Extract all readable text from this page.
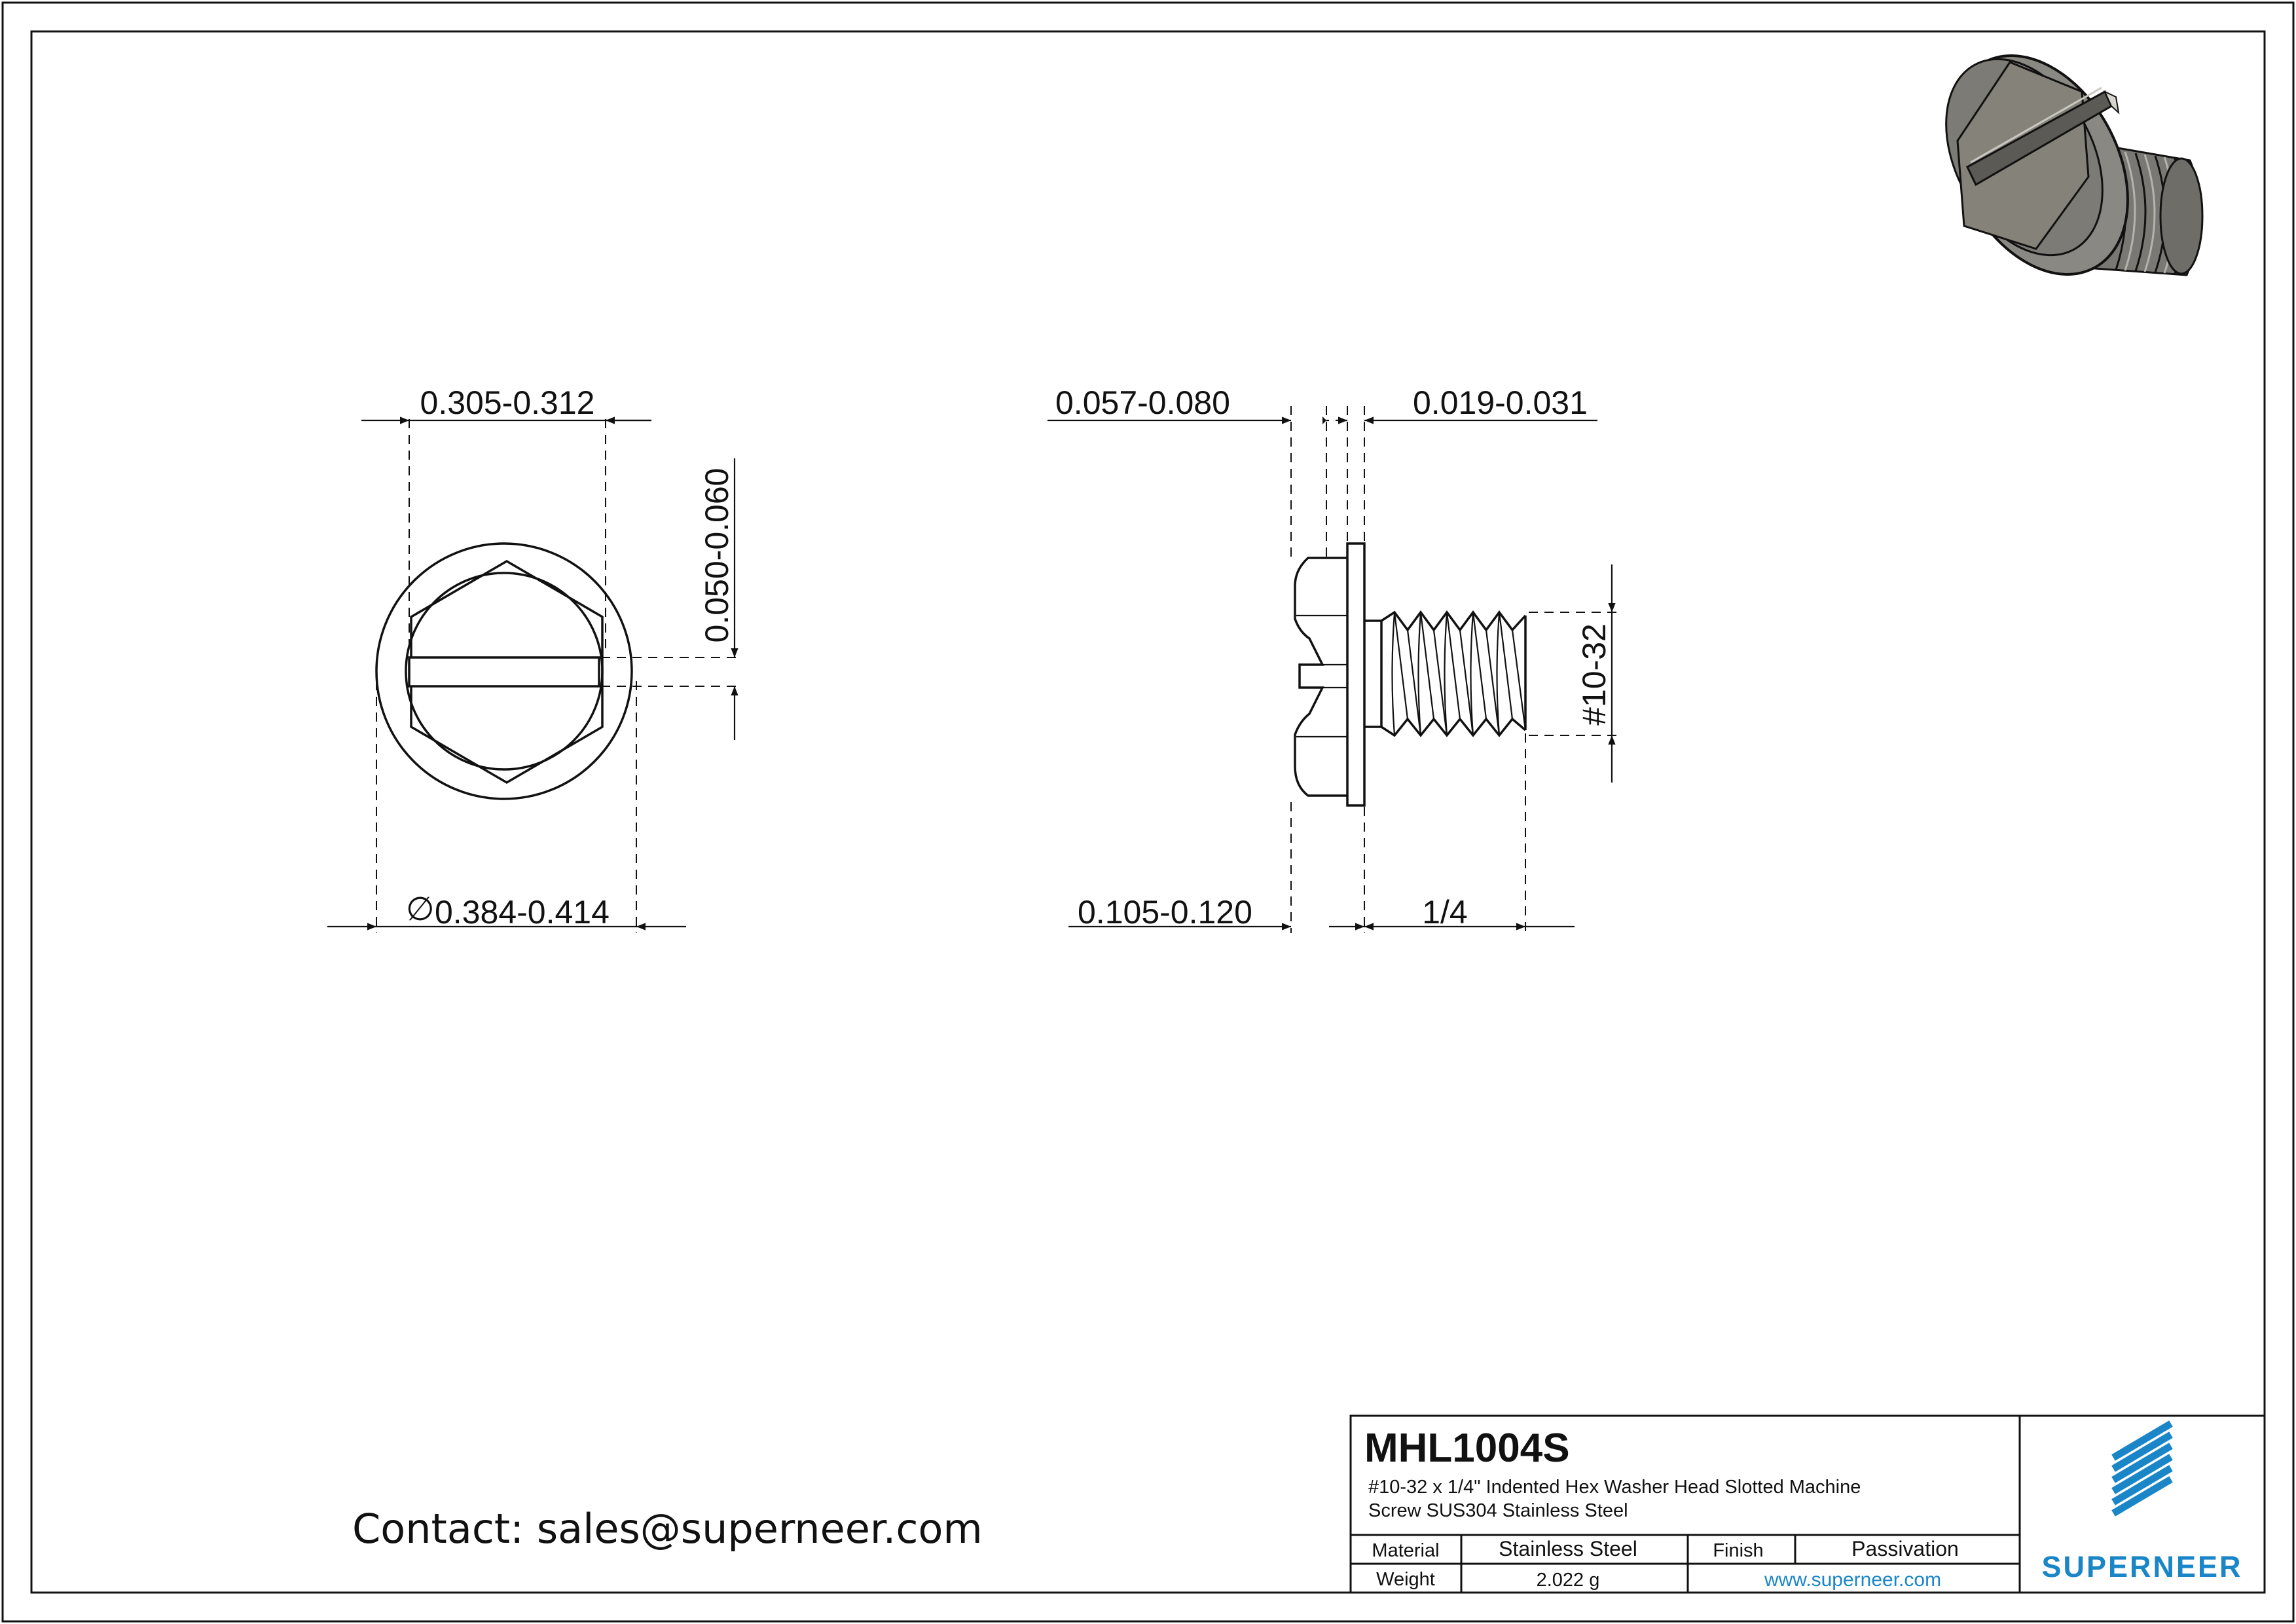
0.305-0.312
0.050-0.060
∅ 0.384-0.414
0.057-0.080	0.019-0.031
0.105-0.120	1/4
#10-32
MHL1004S
#10-32 x 1/4" Indented Hex Washer Head Slotted Machine
Screw SUS304 Stainless Steel
Material	Stainless Steel	Finish	Passivation
Weight	2.022 g	www.superneer.com	SUPERNEER
Contact: sales@superneer.com
